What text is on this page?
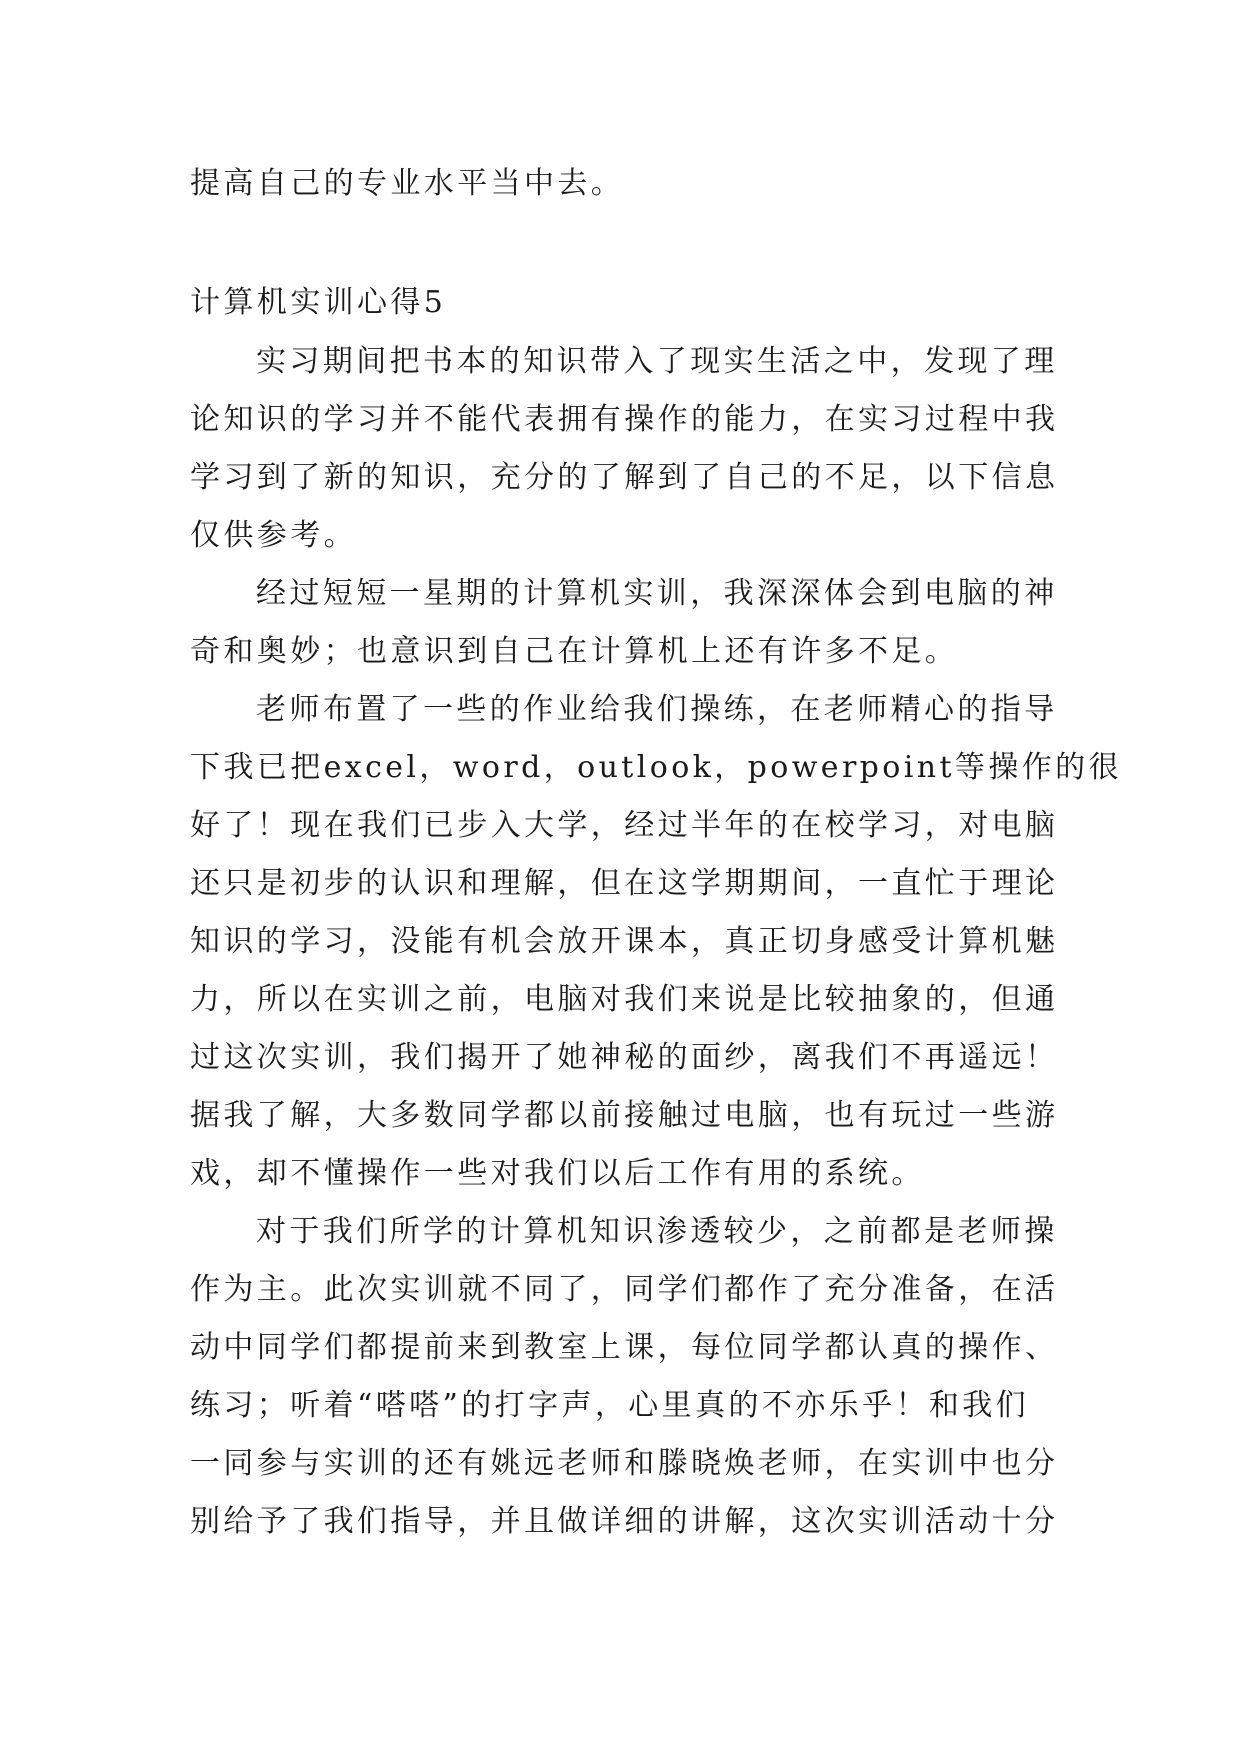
提高自己的专业水平当中去。
计算机实训心得5
实习期间把书本的知识带入了现实生活之中，发现了理
论知识的学习并不能代表拥有操作的能力，在实习过程中我
学习到了新的知识，充分的了解到了自己的不足，以下信息
仅供参考。
经过短短一星期的计算机实训，我深深体会到电脑的神
奇和奥妙；也意识到自己在计算机上还有许多不足。
老师布置了一些的作业给我们操练，在老师精心的指导
下我已把excel，word，outlook，powerpoint等操作的很
好了！现在我们已步入大学，经过半年的在校学习，对电脑
还只是初步的认识和理解，但在这学期期间，一直忙于理论
知识的学习，没能有机会放开课本，真正切身感受计算机魅
力，所以在实训之前，电脑对我们来说是比较抽象的，但通
过这次实训，我们揭开了她神秘的面纱，离我们不再遥远！
据我了解，大多数同学都以前接触过电脑，也有玩过一些游
戏，却不懂操作一些对我们以后工作有用的系统。
对于我们所学的计算机知识渗透较少，之前都是老师操
作为主。此次实训就不同了，同学们都作了充分准备，在活
动中同学们都提前来到教室上课，每位同学都认真的操作、
练习；听着“嗒嗒”的打字声，心里真的不亦乐乎！和我们
一同参与实训的还有姚远老师和滕晓焕老师，在实训中也分
别给予了我们指导，并且做详细的讲解，这次实训活动十分
